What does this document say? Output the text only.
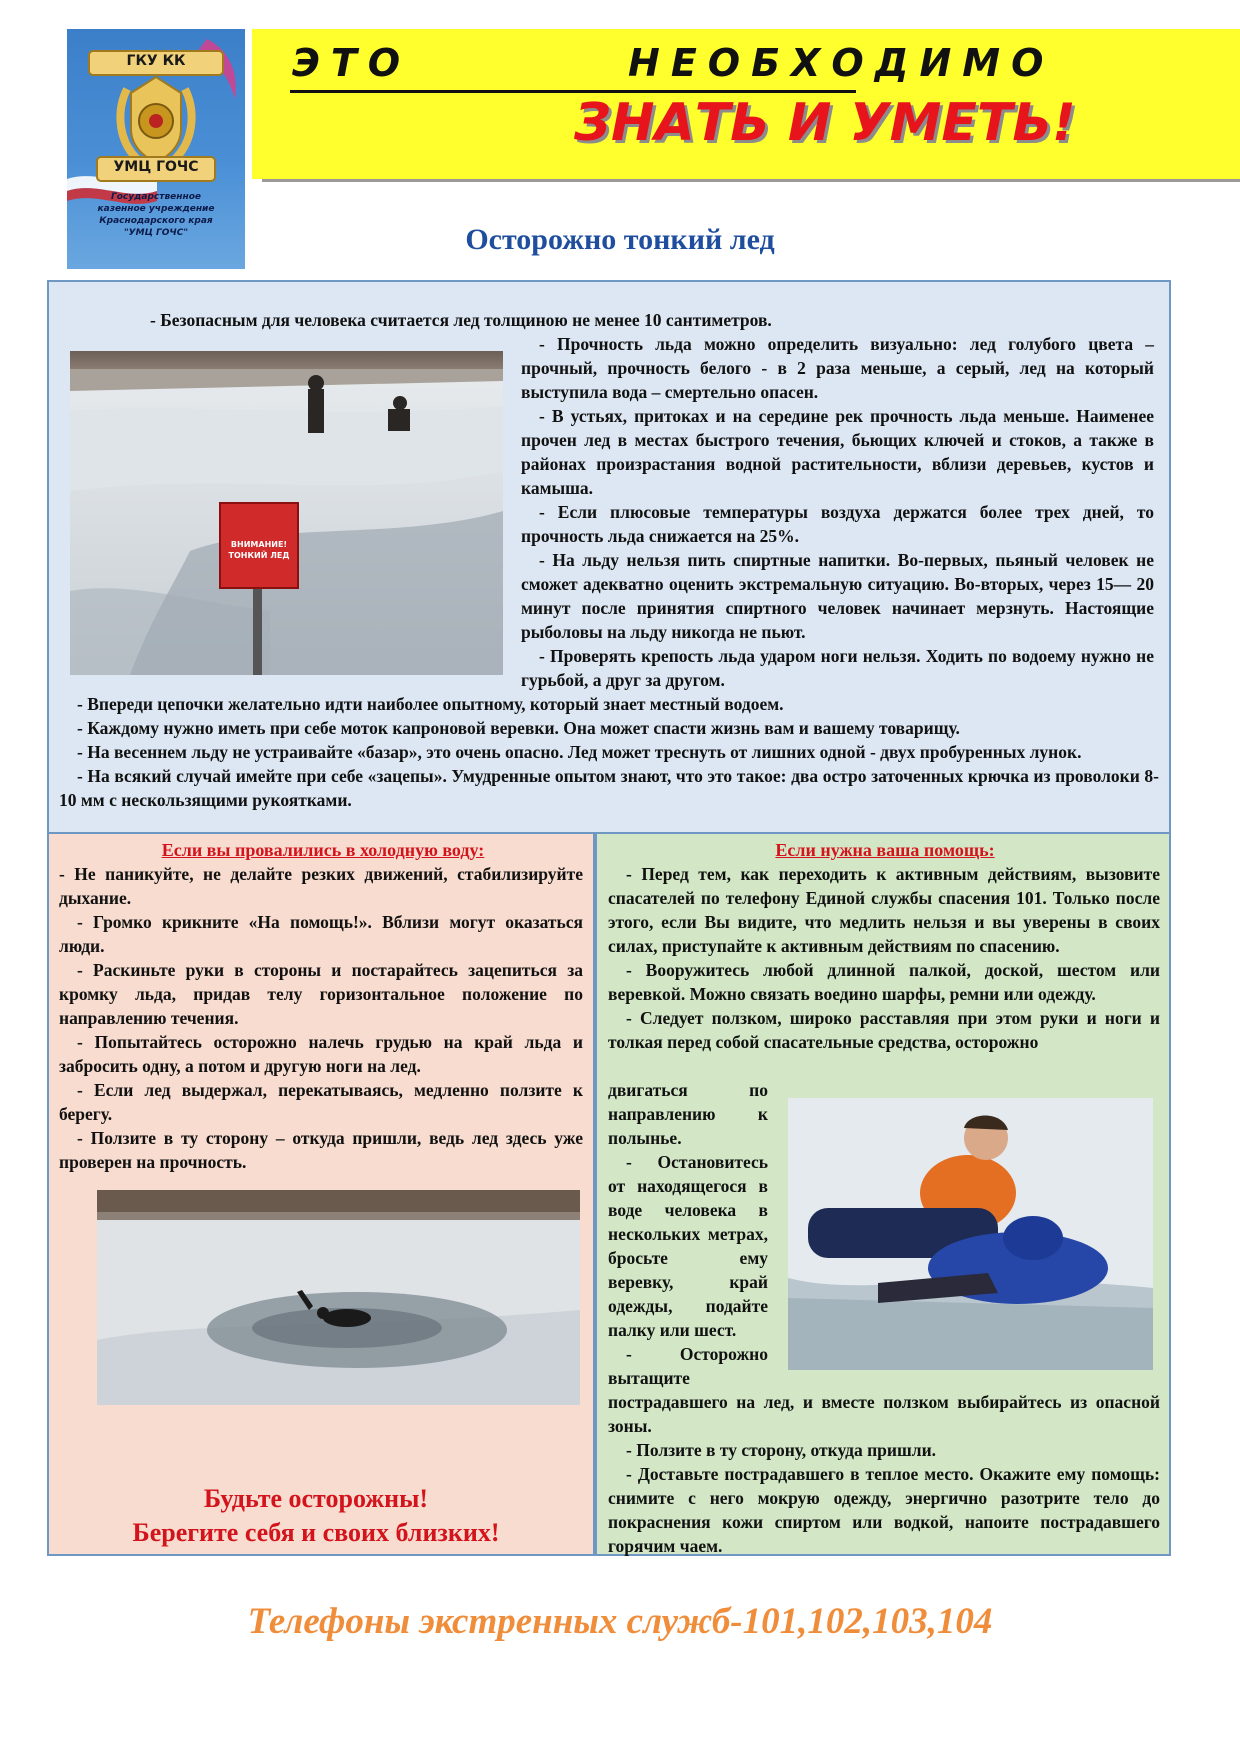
ГКУ КК
УМЦ ГОЧС
Государственное
казенное учреждение
Краснодарского края
"УМЦ ГОЧС"
ЭТО    НЕОБХОДИМО
ЗНАТЬ И УМЕТЬ!
Осторожно тонкий лед
- Безопасным для человека считается лед толщиною не менее 10 сантиметров.
ВНИМАНИЕ!
ТОНКИЙ ЛЕД

- Прочность льда можно определить визуально: лед голубого цвета – прочный, прочность белого - в 2 раза меньше, а серый, лед на который выступила вода – смертельно опасен.

- В устьях, притоках и на середине рек прочность льда меньше. Наименее прочен лед в местах быстрого течения, бьющих ключей и стоков, а также в районах произрастания водной растительности, вблизи деревьев, кустов и камыша.

- Если плюсовые температуры воздуха держатся более трех дней, то прочность льда снижается на 25%.

- На льду нельзя пить спиртные напитки. Во-первых, пьяный человек не сможет адекватно оценить экстремальную ситуацию. Во-вторых, через 15— 20 минут после принятия спиртного человек начинает мерзнуть. Настоящие рыболовы на льду никогда не пьют.

- Проверять крепость льда ударом ноги нельзя. Ходить по водоему нужно не гурьбой, а друг за другом.

- Впереди цепочки желательно идти наиболее опытному, который знает местный водоем.

- Каждому нужно иметь при себе моток капроновой веревки. Она может спасти жизнь вам и вашему товарищу.

- На весеннем льду не устраивайте «базар», это очень опасно. Лед может треснуть от лишних одной - двух пробуренных лунок.

- На всякий случай имейте при себе «зацепы». Умудренные опытом знают, что это такое: два остро заточенных крючка из проволоки 8-10 мм с нескользящими рукоятками.

Если вы провалились в холодную воду:

- Не паникуйте, не делайте резких движений, стабилизируйте дыхание.

- Громко крикните «На помощь!». Вблизи могут оказаться люди.

- Раскиньте руки в стороны и постарайтесь зацепиться за кромку льда, придав телу горизонтальное положение по направлению течения.

- Попытайтесь осторожно налечь грудью на край льда и забросить одну, а потом и другую ноги на лед.

- Если лед выдержал, перекатываясь, медленно ползите к берегу.

- Ползите в ту сторону – откуда пришли, ведь лед здесь уже проверен на прочность.

Будьте осторожны!
Берегите себя и своих близких!
Если нужна ваша помощь:

- Перед тем, как переходить к активным действиям, вызовите спасателей по телефону Единой службы спасения 101. Только после этого, если Вы видите, что медлить нельзя и вы уверены в своих силах, приступайте к активным действиям по спасению.

- Вооружитесь любой длинной палкой, доской, шестом или веревкой. Можно связать воедино шарфы, ремни или одежду.

- Следует ползком, широко расставляя при этом руки и ноги и толкая перед собой спасательные средства, осторожно

двигаться по направлению к полынье.

- Остановитесь от находящегося в воде человека в нескольких метрах, бросьте ему веревку, край одежды, подайте палку или шест.

- Осторожно вытащите

пострадавшего на лед, и вместе ползком выбирайтесь из опасной зоны.

- Ползите в ту сторону, откуда пришли.

- Доставьте пострадавшего в теплое место. Окажите ему помощь: снимите с него мокрую одежду, энергично разотрите тело до покраснения кожи спиртом или водкой, напоите пострадавшего горячим чаем.

Телефоны экстренных служб-101,102,103,104
